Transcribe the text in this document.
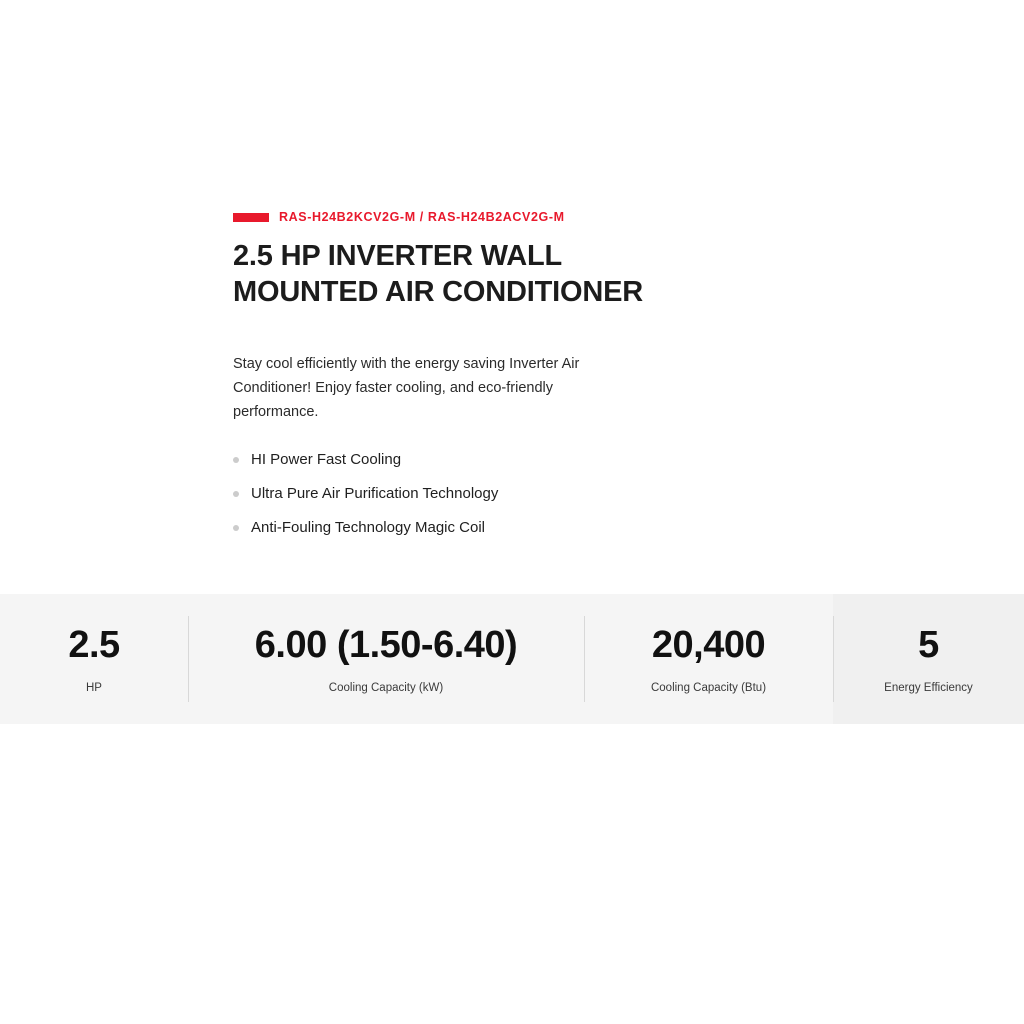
RAS-H24B2KCV2G-M / RAS-H24B2ACV2G-M
2.5 HP INVERTER WALL MOUNTED AIR CONDITIONER

Stay cool efficiently with the energy saving Inverter Air Conditioner! Enjoy faster cooling, and eco-friendly performance.

HI Power Fast Cooling
Ultra Pure Air Purification Technology
Anti-Fouling Technology Magic Coil
2.5
HP
6.00 (1.50-6.40)
Cooling Capacity (kW)
20,400
Cooling Capacity (Btu)
5
Energy Efficiency
